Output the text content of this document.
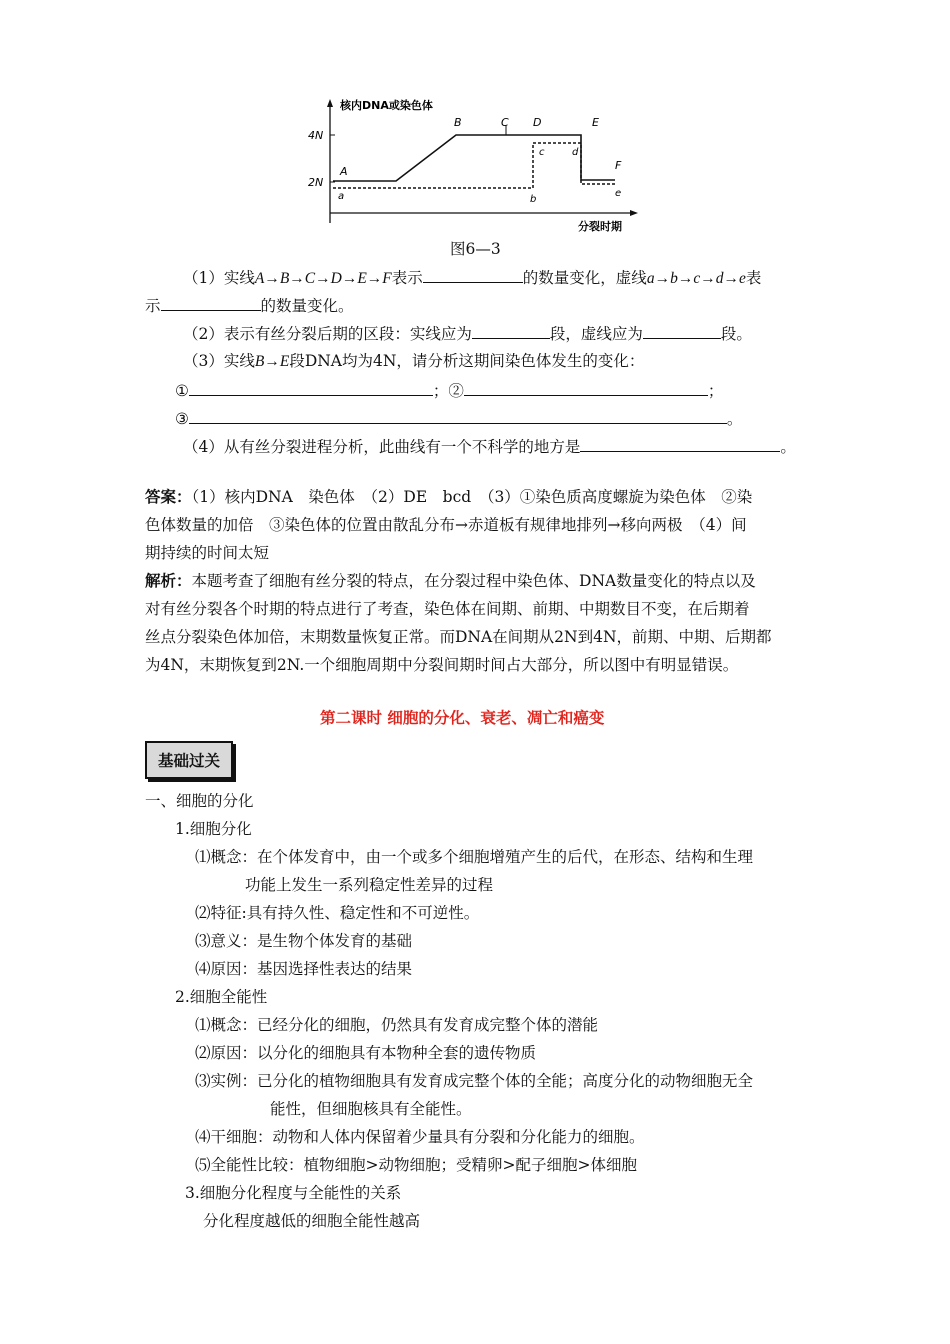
核内DNA或染色体
分裂时期
4N
2N
A
B	C D	E
F
a	b
c	d
e
图6—3
（1）实线A→B→C→D→E→F表示	的数量变化，虚线a→b→c→d→e表
示	的数量变化。
（2）表示有丝分裂后期的区段：实线应为	段，虚线应为	段。
（3）实线B→E段DNA均为4N，请分析这期间染色体发生的变化：
①	；②	；
③	。
（4）从有丝分裂进程分析，此曲线有一个不科学的地方是	。
答案：（1）核内DNA　染色体　（2）DE　bcd　（3）①染色质高度螺旋为染色体　②染
色体数量的加倍　③染色体的位置由散乱分布→赤道板有规律地排列→移向两极　（4）间
期持续的时间太短
解析：本题考查了细胞有丝分裂的特点，在分裂过程中染色体、DNA数量变化的特点以及
对有丝分裂各个时期的特点进行了考查，染色体在间期、前期、中期数目不变，在后期着
丝点分裂染色体加倍，末期数量恢复正常。而DNA在间期从2N到4N，前期、中期、后期都
为4N，末期恢复到2N.一个细胞周期中分裂间期时间占大部分，所以图中有明显错误。
第二课时 细胞的分化、衰老、凋亡和癌变
基础过关
一、细胞的分化
1.细胞分化
⑴概念：在个体发育中，由一个或多个细胞增殖产生的后代，在形态、结构和生理
功能上发生一系列稳定性差异的过程
⑵特征:具有持久性、稳定性和不可逆性。
⑶意义：是生物个体发育的基础
⑷原因：基因选择性表达的结果
2.细胞全能性
⑴概念：已经分化的细胞，仍然具有发育成完整个体的潜能
⑵原因：以分化的细胞具有本物种全套的遗传物质
⑶实例：已分化的植物细胞具有发育成完整个体的全能；高度分化的动物细胞无全
能性，但细胞核具有全能性。
⑷干细胞：动物和人体内保留着少量具有分裂和分化能力的细胞。
⑸全能性比较：植物细胞>动物细胞；受精卵>配子细胞>体细胞
3.细胞分化程度与全能性的关系
分化程度越低的细胞全能性越高
